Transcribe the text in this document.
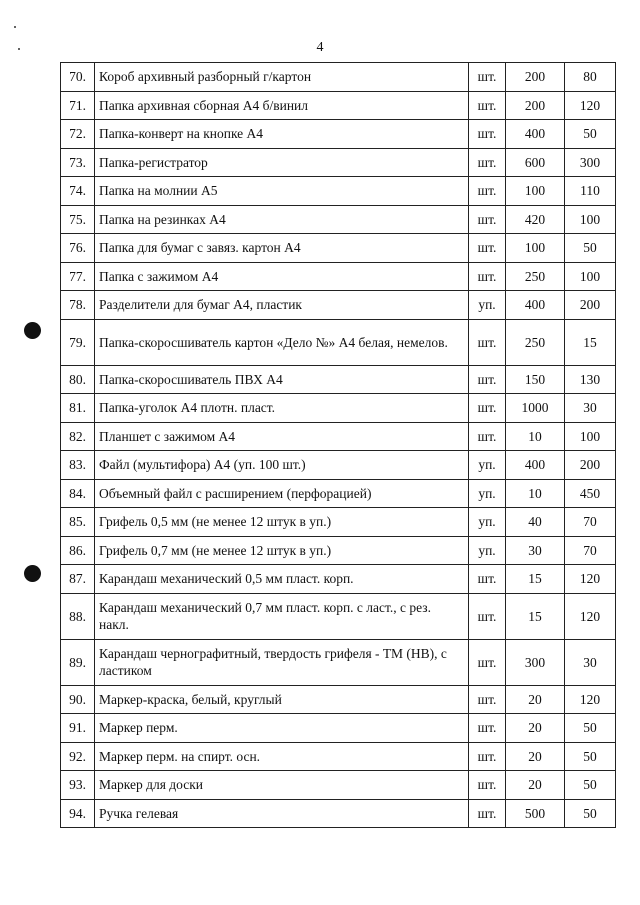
4
70.	Короб архивный разборный г/картон	шт.	200	80
71.	Папка архивная сборная А4 б/винил	шт.	200	120
72.	Папка-конверт на кнопке А4	шт.	400	50
73.	Папка-регистратор	шт.	600	300
74.	Папка на молнии А5	шт.	100	110
75.	Папка на резинках А4	шт.	420	100
76.	Папка для бумаг с завяз. картон А4	шт.	100	50
77.	Папка с зажимом А4	шт.	250	100
78.	Разделители для бумаг А4, пластик	уп.	400	200
79.	Папка-скоросшиватель картон «Дело №» А4 белая, немелов.	шт.	250	15
80.	Папка-скоросшиватель ПВХ А4	шт.	150	130
81.	Папка-уголок А4 плотн. пласт.	шт.	1000	30
82.	Планшет с зажимом А4	шт.	10	100
83.	Файл (мультифора) А4 (уп. 100 шт.)	уп.	400	200
84.	Объемный файл с расширением (перфорацией)	уп.	10	450
85.	Грифель 0,5 мм (не менее 12 штук в уп.)	уп.	40	70
86.	Грифель 0,7 мм (не менее 12 штук в уп.)	уп.	30	70
87.	Карандаш механический 0,5 мм пласт. корп.	шт.	15	120
88.	Карандаш механический 0,7 мм пласт. корп. с ласт., с рез. накл.	шт.	15	120
89.	Карандаш чернографитный, твердость грифеля - ТМ (НВ), с ластиком	шт.	300	30
90.	Маркер-краска, белый, круглый	шт.	20	120
91.	Маркер перм.	шт.	20	50
92.	Маркер перм. на спирт. осн.	шт.	20	50
93.	Маркер для доски	шт.	20	50
94.	Ручка гелевая	шт.	500	50
